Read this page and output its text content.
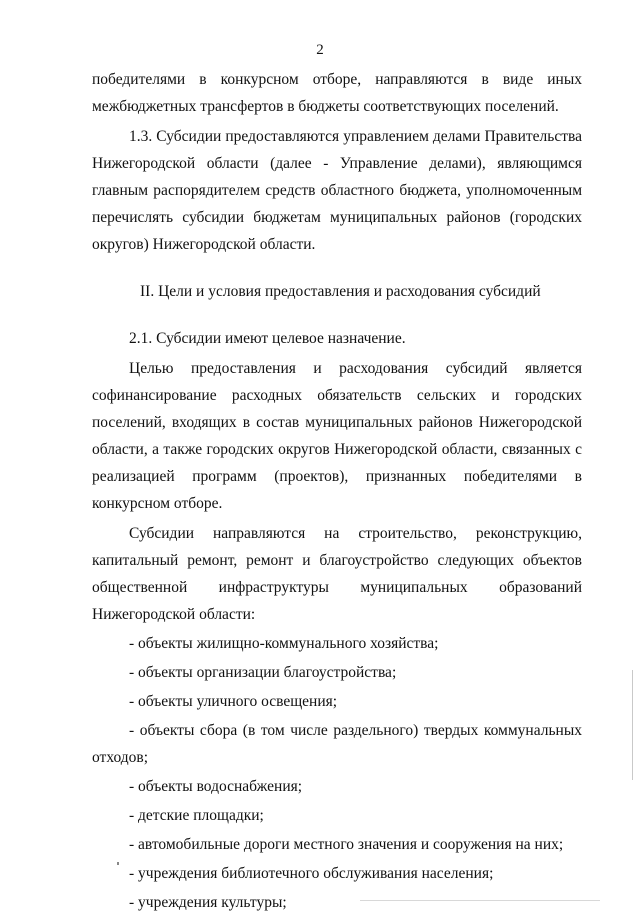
2

победителями в конкурсном отборе, направляются в виде иных межбюджетных трансфертов в бюджеты соответствующих поселений.

1.3. Субсидии предоставляются управлением делами Правительства Нижегородской области (далее - Управление делами), являющимся главным распорядителем средств областного бюджета, уполномоченным перечислять субсидии бюджетам муниципальных районов (городских округов) Нижегородской области.

II. Цели и условия предоставления и расходования субсидий

2.1. Субсидии имеют целевое назначение.

Целью предоставления и расходования субсидий является софинансирование расходных обязательств сельских и городских поселений, входящих в состав муниципальных районов Нижегородской области, а также городских округов Нижегородской области, связанных с реализацией программ (проектов), признанных победителями в конкурсном отборе.

Субсидии направляются на строительство, реконструкцию, капитальный ремонт, ремонт и благоустройство следующих объектов общественной инфраструктуры муниципальных образований Нижегородской области:

- объекты жилищно-коммунального хозяйства;

- объекты организации благоустройства;

- объекты уличного освещения;

- объекты сбора (в том числе раздельного) твердых коммунальных отходов;

- объекты водоснабжения;

- детские площадки;

- автомобильные дороги местного значения и сооружения на них;

- учреждения библиотечного обслуживания населения;

- учреждения культуры;
